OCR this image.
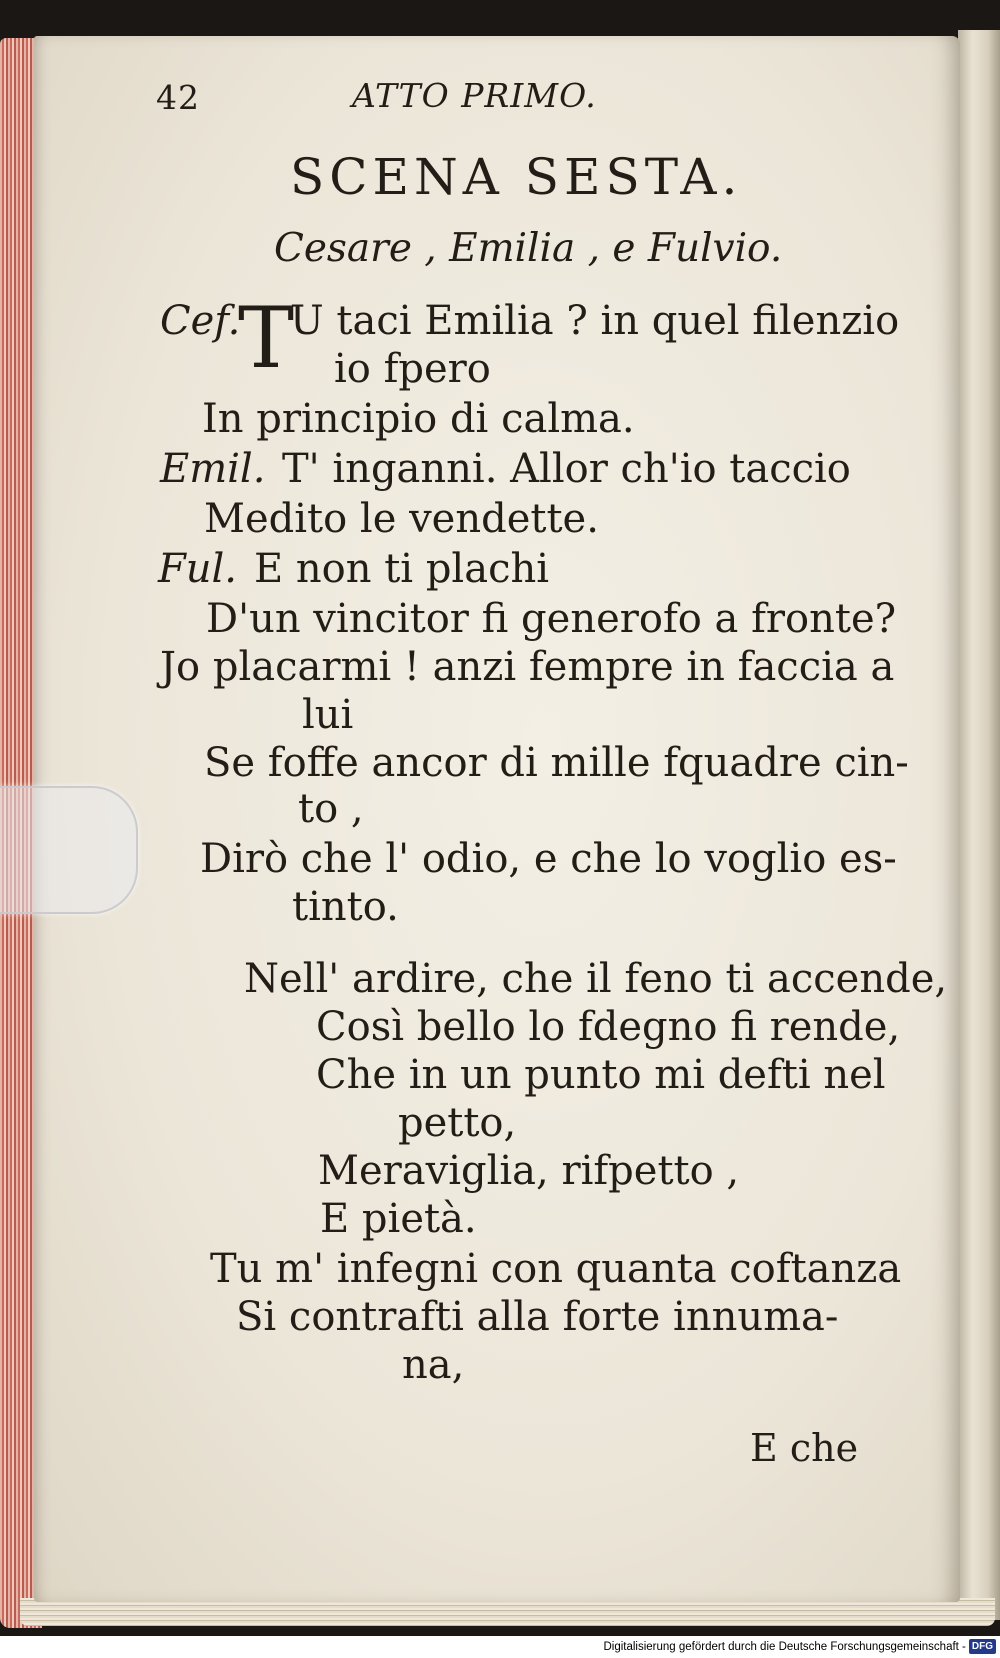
42	ATTO PRIMO.
SCENA SESTA.
Cesare , Emilia , e Fulvio.
Cef.
T
U taci Emilia ? in quel filenzio
io fpero
In principio di calma.
Emil. T' inganni. Allor ch'io taccio
Medito le vendette.
Ful. E non ti plachi
D'un vincitor fi generofo a fronte?
Jo placarmi ! anzi fempre in faccia a
lui
Se foffe ancor di mille fquadre cin-
to ,
Dirò che l' odio, e che lo voglio es-
tinto.
Nell' ardire, che il feno ti accende,
Così bello lo fdegno fi rende,
Che in un punto mi defti nel
petto,
Meraviglia, rifpetto ,
E pietà.
Tu m' infegni con quanta coftanza
Si contrafti alla forte innuma-
na,
E che
Digitalisierung gefördert durch die Deutsche Forschungsgemeinschaft - DFG
